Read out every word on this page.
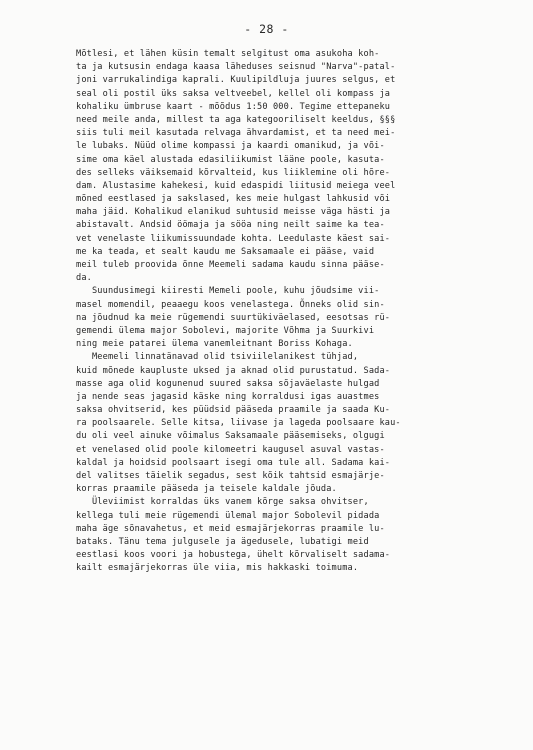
- 28 -
Mõtlesi, et lähen küsin temalt selgitust oma asukoha koh-
ta ja kutsusin endaga kaasa läheduses seisnud "Narva"-patal-
joni varrukalindiga kaprali. Kuulipildluja juures selgus, et
seal oli postil üks saksa veltveebel, kellel oli kompass ja
kohaliku ümbruse kaart - mõõdus 1:50 000. Tegime ettepaneku
need meile anda, millest ta aga kategooriliselt keeldus, §§§
siis tuli meil kasutada relvaga ähvardamist, et ta need mei-
le lubaks. Nüüd olime kompassi ja kaardi omanikud, ja või-
sime oma käel alustada edasiliikumist lääne poole, kasuta-
des selleks väiksemaid kõrvalteid, kus liiklemine oli hõre-
dam. Alustasime kahekesi, kuid edaspidi liitusid meiega veel
mõned eestlased ja sakslased, kes meie hulgast lahkusid või
maha jäid. Kohalikud elanikud suhtusid meisse väga hästi ja
abistavalt. Andsid öömaja ja sööa ning neilt saime ka tea-
vet venelaste liikumissuundade kohta. Leedulaste käest sai-
me ka teada, et sealt kaudu me Saksamaale ei pääse, vaid
meil tuleb proovida õnne Meemeli sadama kaudu sinna pääse-
da.
Suundusimegi kiiresti Memeli poole, kuhu jõudsime vii-
masel momendil, peaaegu koos venelastega. Õnneks olid sin-
na jõudnud ka meie rügemendi suurtükiväelased, eesotsas rü-
gemendi ülema major Sobolevi, majorite Võhma ja Suurkivi
ning meie patarei ülema vanemleitnant Boriss Kohaga.
Meemeli linnatänavad olid tsiviilelanikest tühjad,
kuid mõnede kaupluste uksed ja aknad olid purustatud. Sada-
masse aga olid kogunenud suured saksa sõjaväelaste hulgad
ja nende seas jagasid käske ning korraldusi igas auastmes
saksa ohvitserid, kes püüdsid pääseda praamile ja saada Ku-
ra poolsaarele. Selle kitsa, liivase ja lageda poolsaare kau-
du oli veel ainuke võimalus Saksamaale pääsemiseks, olgugi
et venelased olid poole kilomeetri kaugusel asuval vastas-
kaldal ja hoidsid poolsaart isegi oma tule all. Sadama kai-
del valitses täielik segadus, sest kõik tahtsid esmajärje-
korras praamile pääseda ja teisele kaldale jõuda.
Üleviimist korraldas üks vanem kõrge saksa ohvitser,
kellega tuli meie rügemendi ülemal major Sobolevil pidada
maha äge sõnavahetus, et meid esmajärjekorras praamile lu-
bataks. Tänu tema julgusele ja ägedusele, lubatigi meid
eestlasi koos voori ja hobustega, ühelt kõrvaliselt sadama-
kailt esmajärjekorras üle viia, mis hakkaski toimuma.
